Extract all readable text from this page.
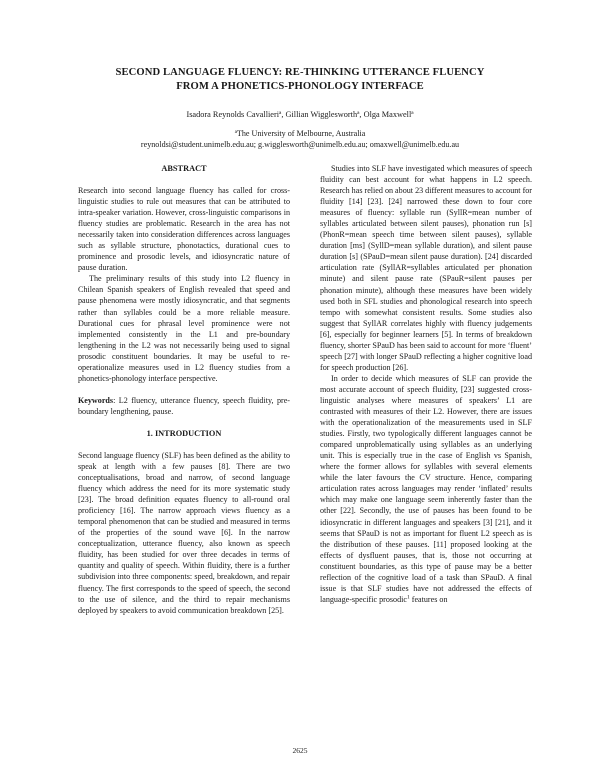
SECOND LANGUAGE FLUENCY: RE-THINKING UTTERANCE FLUENCY
FROM A PHONETICS-PHONOLOGY INTERFACE
Isadora Reynolds Cavallieriª, Gillian Wigglesworthª, Olga Maxwellª
ªThe University of Melbourne, Australia
reynoldsi@student.unimelb.edu.au; g.wigglesworth@unimelb.edu.au; omaxwell@unimelb.edu.au
ABSTRACT

Research into second language fluency has called for cross-linguistic studies to rule out measures that can be attributed to intra-speaker variation. However, cross-linguistic comparisons in fluency studies are problematic. Research in the area has not necessarily taken into consideration differences across languages such as syllable structure, phonotactics, durational cues to prominence and prosodic levels, and idiosyncratic nature of pause duration.

The preliminary results of this study into L2 fluency in Chilean Spanish speakers of English revealed that speed and pause phenomena were mostly idiosyncratic, and that segments rather than syllables could be a more reliable measure. Durational cues for phrasal level prominence were not implemented consistently in the L1 and pre-boundary lengthening in the L2 was not necessarily being used to signal prosodic constituent boundaries. It may be useful to re-operationalize measures used in L2 fluency studies from a phonetics-phonology interface perspective.

Keywords: L2 fluency, utterance fluency, speech fluidity, pre-boundary lengthening, pause.

1. INTRODUCTION

Second language fluency (SLF) has been defined as the ability to speak at length with a few pauses [8]. There are two conceptualisations, broad and narrow, of second language fluency which address the need for its more systematic study [23]. The broad definition equates fluency to all-round oral proficiency [16]. The narrow approach views fluency as a temporal phenomenon that can be studied and measured in terms of the properties of the sound wave [6]. In the narrow conceptualization, utterance fluency, also known as speech fluidity, has been studied for over three decades in terms of quantity and quality of speech. Within fluidity, there is a further subdivision into three components: speed, breakdown, and repair fluency. The first corresponds to the speed of speech, the second to the use of silence, and the third to repair mechanisms deployed by speakers to avoid communication breakdown [25].

Studies into SLF have investigated which measures of speech fluidity can best account for what happens in L2 speech. Research has relied on about 23 different measures to account for fluidity [14] [23]. [24] narrowed these down to four core measures of fluency: syllable run (SyllR=mean number of syllables articulated between silent pauses), phonation run [s] (PhonR=mean speech time between silent pauses), syllable duration [ms] (SyllD=mean syllable duration), and silent pause duration [s] (SPauD=mean silent pause duration). [24] discarded articulation rate (SyllAR=syllables articulated per phonation minute) and silent pause rate (SPauR=silent pauses per phonation minute), although these measures have been widely used both in SFL studies and phonological research into speech tempo with somewhat consistent results. Some studies also suggest that SyllAR correlates highly with fluency judgements [6], especially for beginner learners [5]. In terms of breakdown fluency, shorter SPauD has been said to account for more ‘fluent’ speech [27] with longer SPauD reflecting a higher cognitive load for speech production [26].

In order to decide which measures of SLF can provide the most accurate account of speech fluidity, [23] suggested cross-linguistic analyses where measures of speakers’ L1 are contrasted with measures of their L2. However, there are issues with the operationalization of the measurements used in SLF studies. Firstly, two typologically different languages cannot be compared unproblematically using syllables as an underlying unit. This is especially true in the case of English vs Spanish, where the former allows for syllables with several elements while the later favours the CV structure. Hence, comparing articulation rates across languages may render ‘inflated’ results which may make one language seem inherently faster than the other [22]. Secondly, the use of pauses has been found to be idiosyncratic in different languages and speakers [3] [21], and it seems that SPauD is not as important for fluent L2 speech as is the distribution of these pauses. [11] proposed looking at the effects of dysfluent pauses, that is, those not occurring at constituent boundaries, as this type of pause may be a better reflection of the cognitive load of a task than SPauD. A final issue is that SLF studies have not addressed the effects of language-specific prosodic$^1$ features on

2625
